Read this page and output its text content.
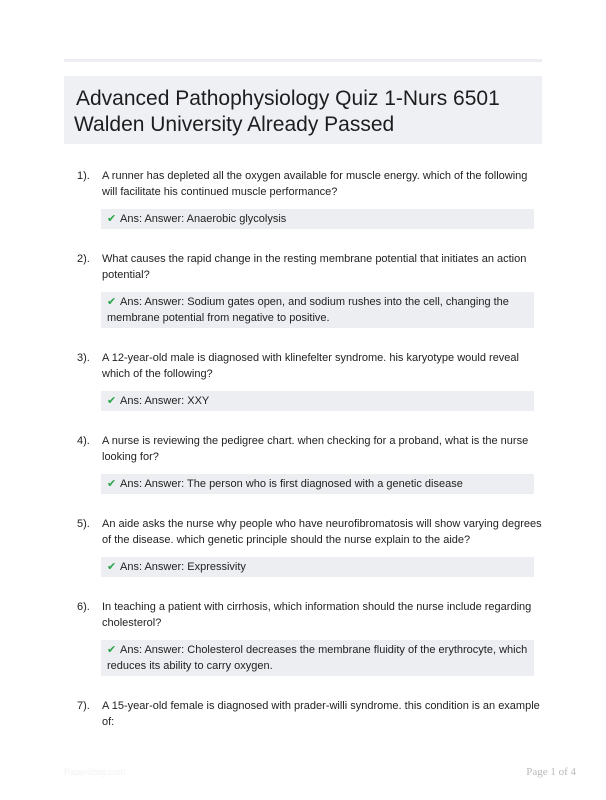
Advanced Pathophysiology Quiz 1-Nurs 6501
Walden University Already Passed
1). A runner has depleted all the oxygen available for muscle energy. which of the following will facilitate his continued muscle performance?
✔ Ans: Answer: Anaerobic glycolysis
2). What causes the rapid change in the resting membrane potential that initiates an action potential?
✔ Ans: Answer: Sodium gates open, and sodium rushes into the cell, changing the membrane potential from negative to positive.
3). A 12-year-old male is diagnosed with klinefelter syndrome. his karyotype would reveal which of the following?
✔ Ans: Answer: XXY
4). A nurse is reviewing the pedigree chart. when checking for a proband, what is the nurse looking for?
✔ Ans: Answer: The person who is first diagnosed with a genetic disease
5). An aide asks the nurse why people who have neurofibromatosis will show varying degrees of the disease. which genetic principle should the nurse explain to the aide?
✔ Ans: Answer: Expressivity
6). In teaching a patient with cirrhosis, which information should the nurse include regarding cholesterol?
✔ Ans: Answer: Cholesterol decreases the membrane fluidity of the erythrocyte, which reduces its ability to carry oxygen.
7). A 15-year-old female is diagnosed with prader-willi syndrome. this condition is an example of:
Paperlibby.com	Page 1 of 4
